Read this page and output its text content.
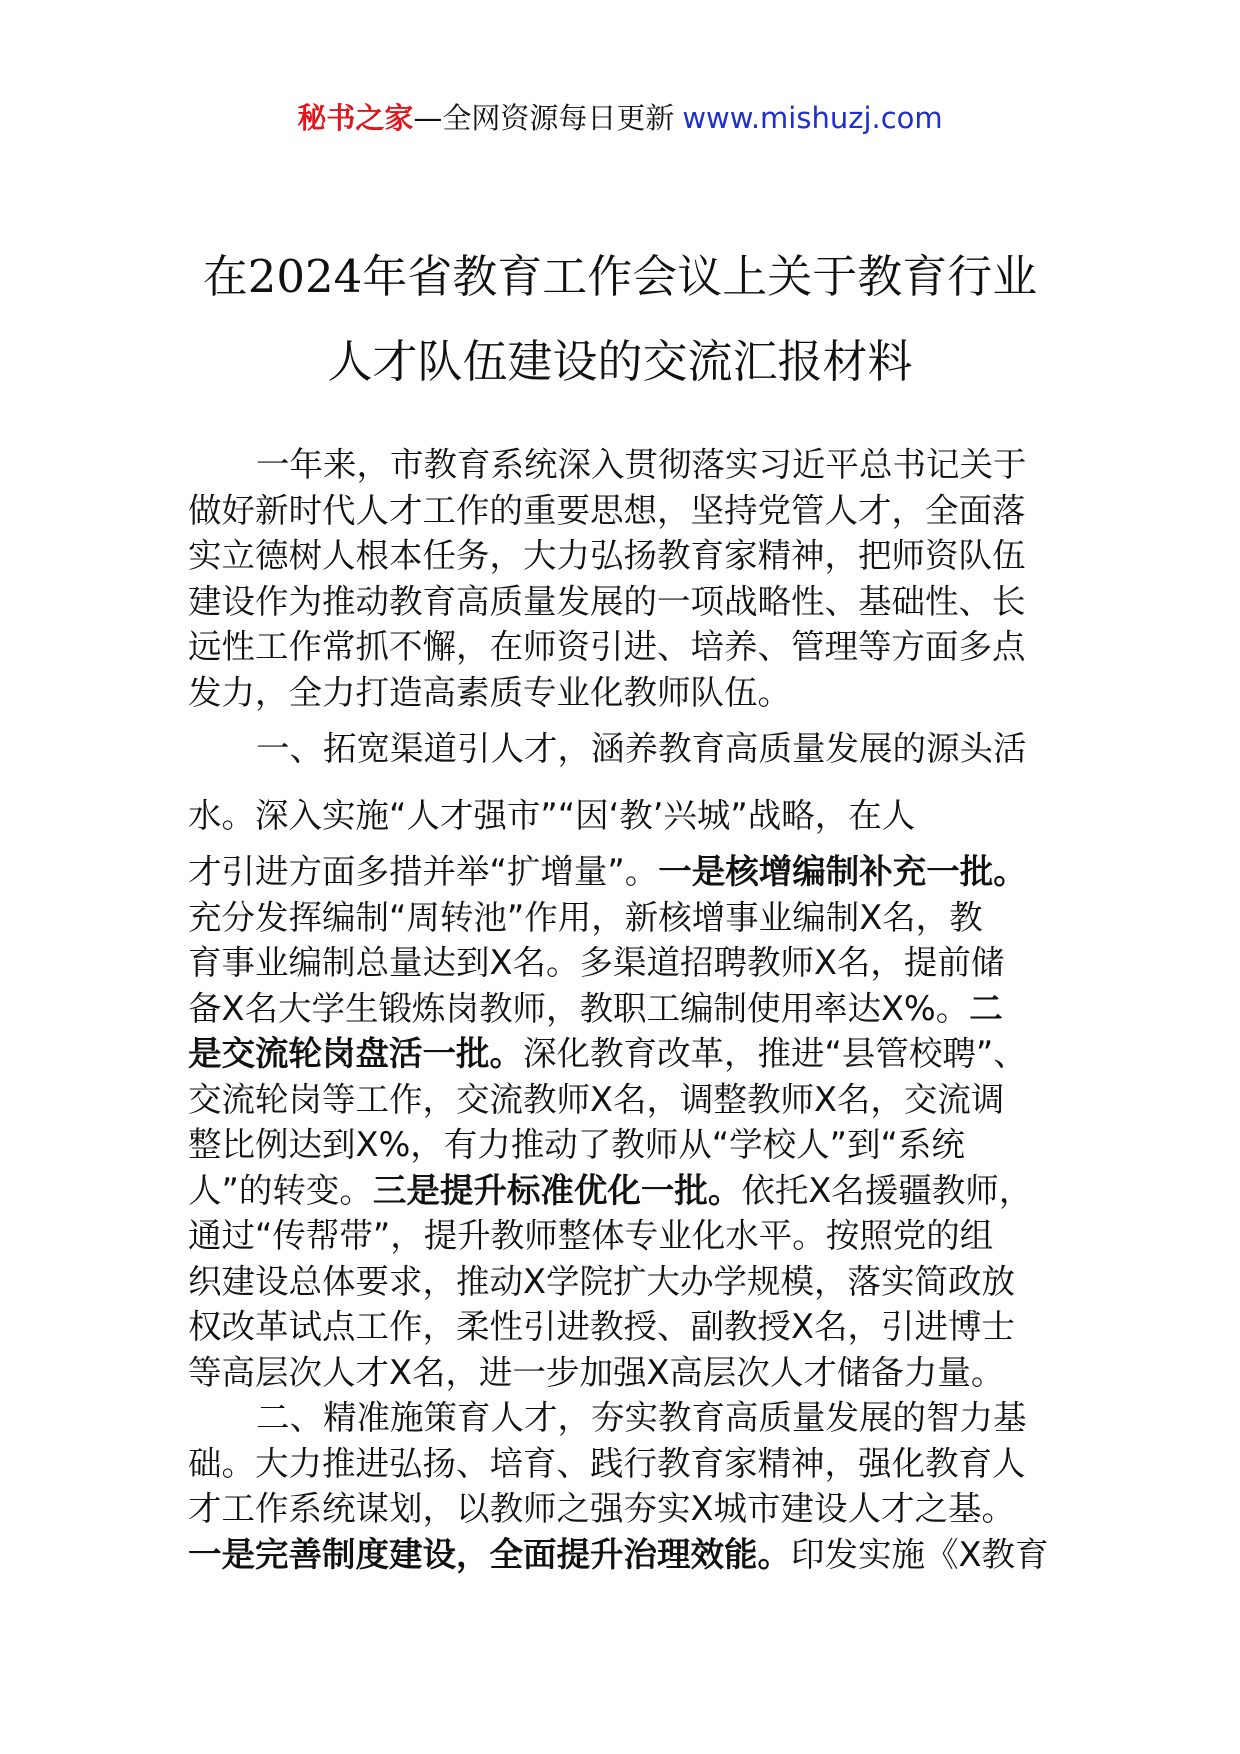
秘书之家—全网资源每日更新 www.mishuzj.com
在2024年省教育工作会议上关于教育行业
人才队伍建设的交流汇报材料
一年来，市教育系统深入贯彻落实习近平总书记关于
做好新时代人才工作的重要思想，坚持党管人才，全面落
实立德树人根本任务，大力弘扬教育家精神，把师资队伍
建设作为推动教育高质量发展的一项战略性、基础性、长
远性工作常抓不懈，在师资引进、培养、管理等方面多点
发力，全力打造高素质专业化教师队伍。
一、拓宽渠道引人才，涵养教育高质量发展的源头活
水。深入实施“人才强市”“因‘教’兴城”战略，在人
才引进方面多措并举“扩增量”。一是核增编制补充一批。
充分发挥编制“周转池”作用，新核增事业编制X名，教
育事业编制总量达到X名。多渠道招聘教师X名，提前储
备X名大学生锻炼岗教师，教职工编制使用率达X%。二
是交流轮岗盘活一批。深化教育改革，推进“县管校聘”、
交流轮岗等工作，交流教师X名，调整教师X名，交流调
整比例达到X%，有力推动了教师从“学校人”到“系统
人”的转变。三是提升标准优化一批。依托X名援疆教师，
通过“传帮带”，提升教师整体专业化水平。按照党的组
织建设总体要求，推动X学院扩大办学规模，落实简政放
权改革试点工作，柔性引进教授、副教授X名，引进博士
等高层次人才X名，进一步加强X高层次人才储备力量。
二、精准施策育人才，夯实教育高质量发展的智力基
础。大力推进弘扬、培育、践行教育家精神，强化教育人
才工作系统谋划，以教师之强夯实X城市建设人才之基。
一是完善制度建设，全面提升治理效能。印发实施《X教育
